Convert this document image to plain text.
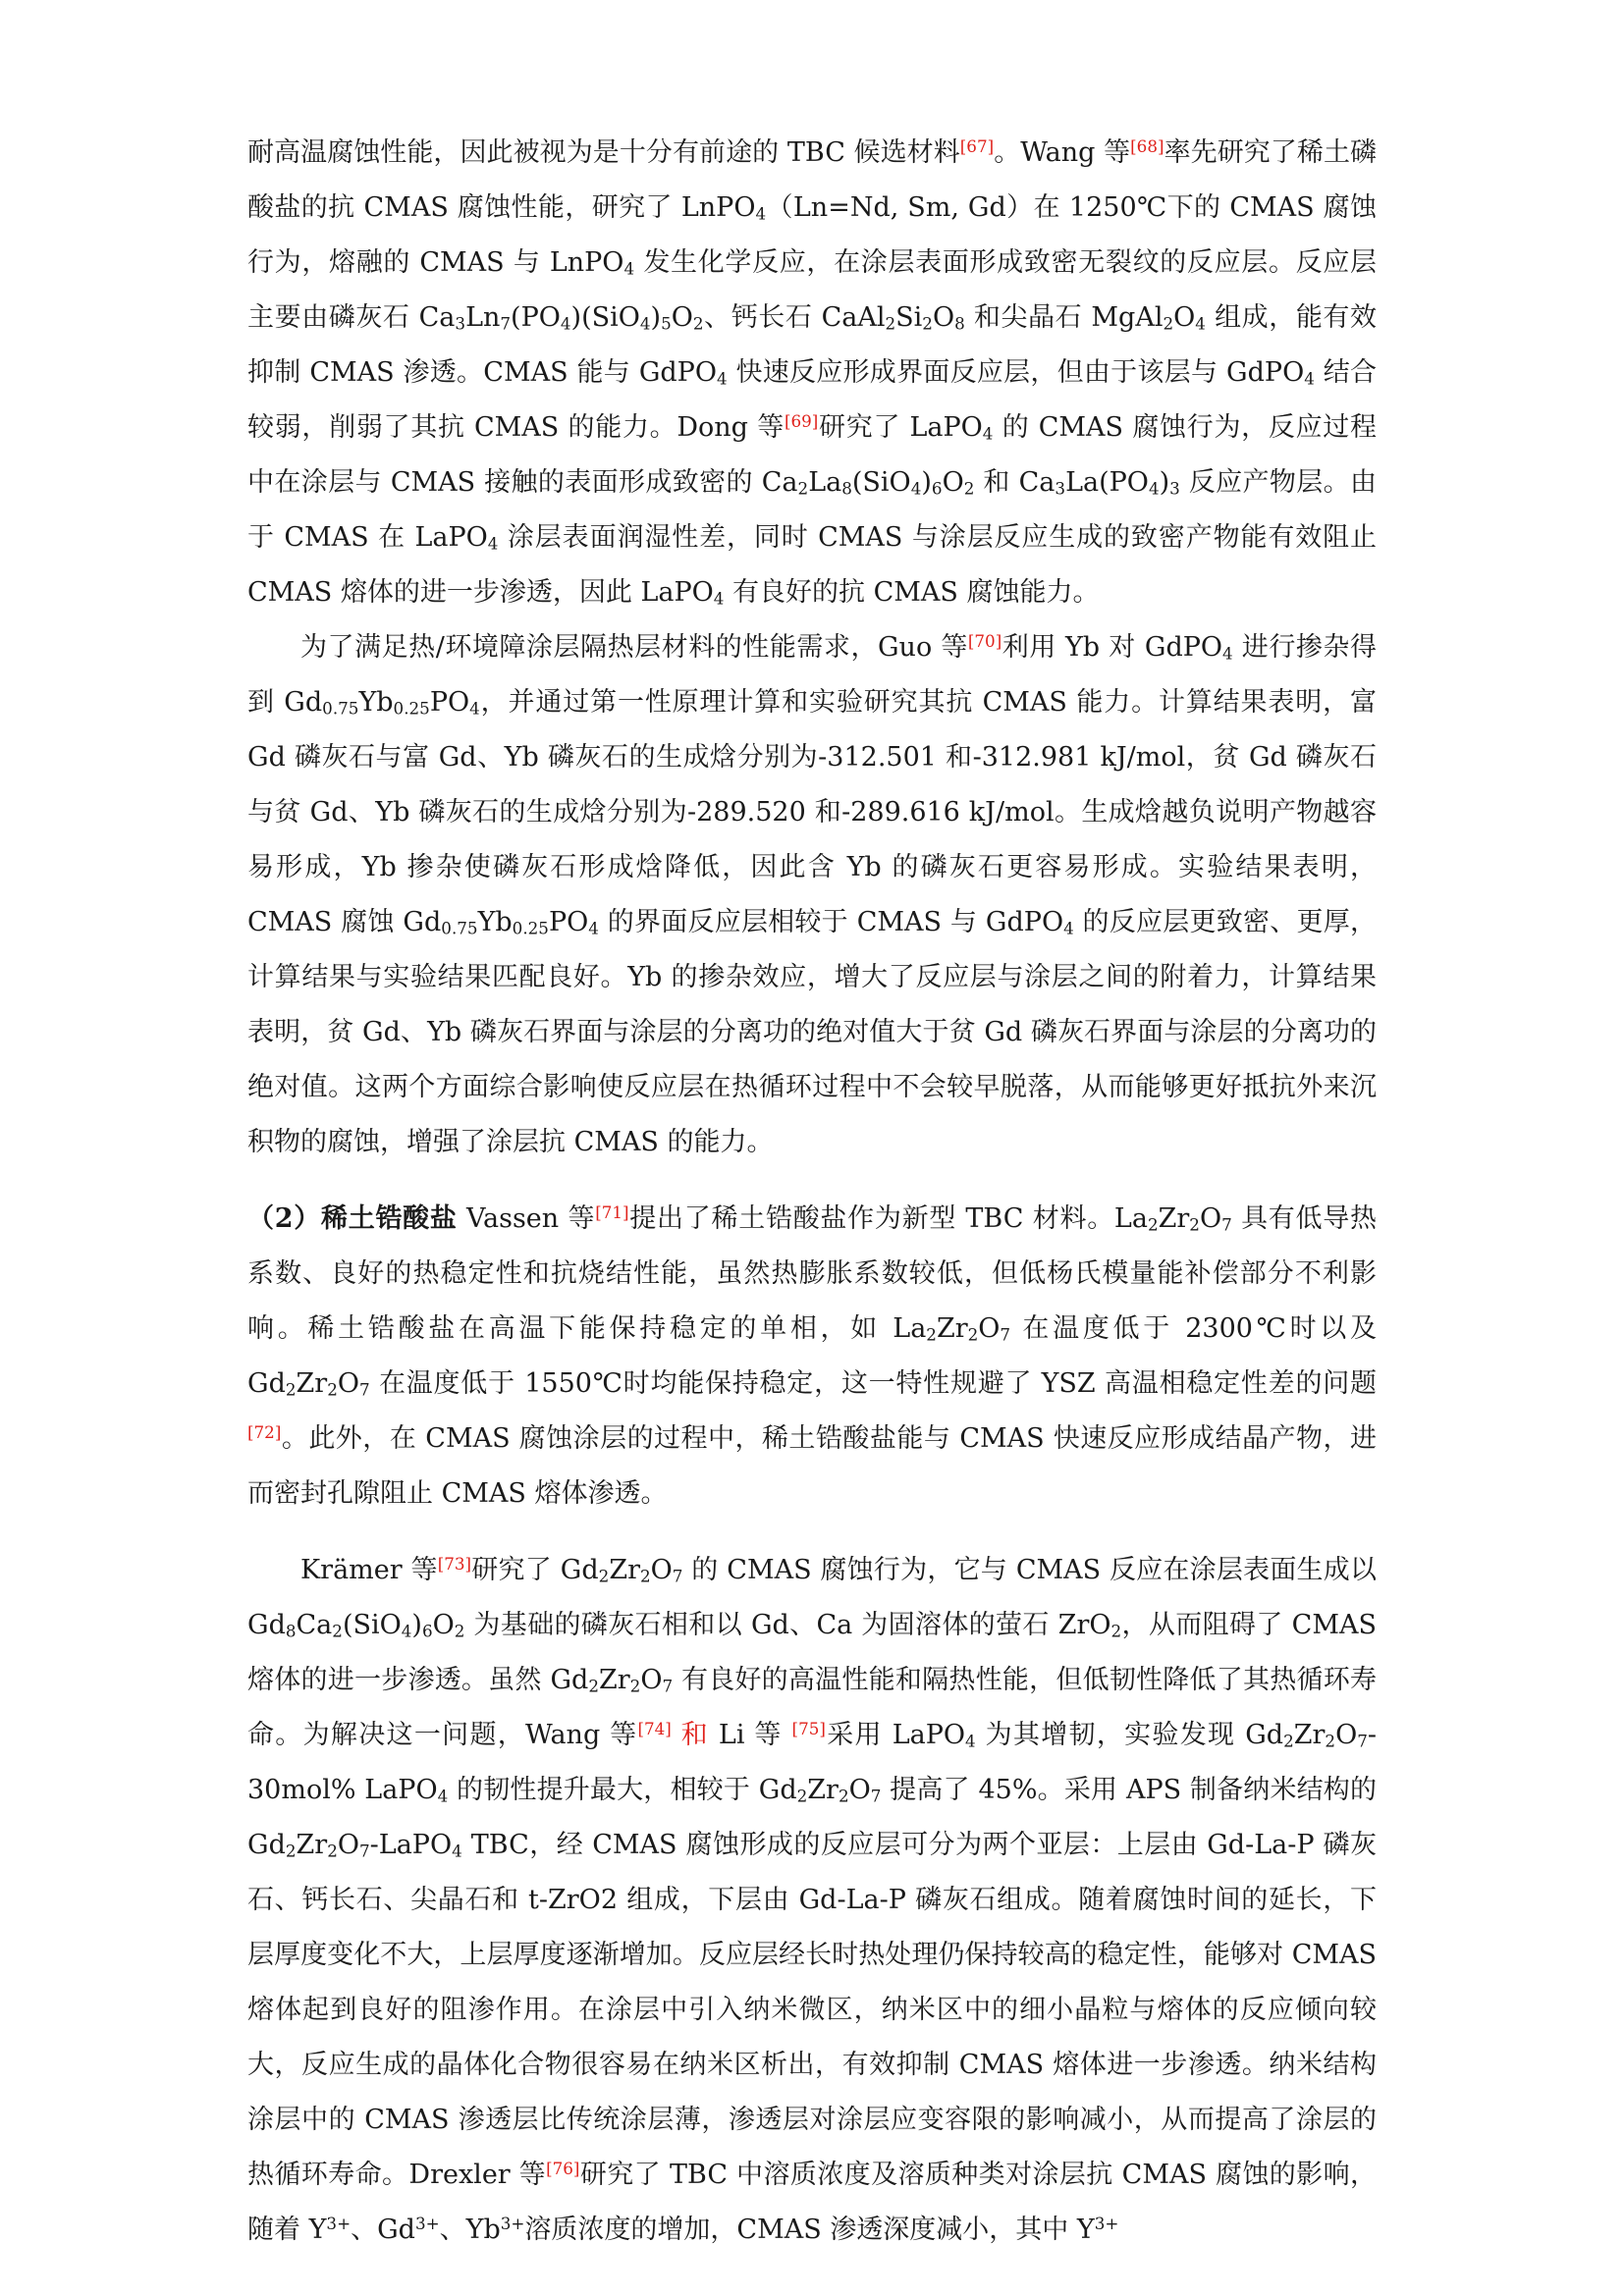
耐高温腐蚀性能，因此被视为是十分有前途的 TBC 候选材料[67]。Wang 等[68]率先研究了稀土磷酸盐的抗 CMAS 腐蚀性能，研究了 LnPO$_4$（Ln=Nd, Sm, Gd）在 1250℃下的 CMAS 腐蚀行为，熔融的 CMAS 与 LnPO$_4$ 发生化学反应，在涂层表面形成致密无裂纹的反应层。反应层主要由磷灰石 $Ca_3Ln_7(PO_4)(SiO_4)_5O_2$、钙长石 $CaAl_2Si_2O_8$ 和尖晶石 $MgAl_2O_4$ 组成，能有效抑制 CMAS 渗透。CMAS 能与 GdPO$_4$ 快速反应形成界面反应层，但由于该层与 GdPO$_4$ 结合较弱，削弱了其抗 CMAS 的能力。Dong 等[69]研究了 LaPO$_4$ 的 CMAS 腐蚀行为，反应过程中在涂层与 CMAS 接触的表面形成致密的 $Ca_2La_8(SiO_4)_6O_2$ 和 $Ca_3La(PO_4)_3$ 反应产物层。由于 CMAS 在 LaPO$_4$ 涂层表面润湿性差，同时 CMAS 与涂层反应生成的致密产物能有效阻止 CMAS 熔体的进一步渗透，因此 LaPO$_4$ 有良好的抗 CMAS 腐蚀能力。

为了满足热/环境障涂层隔热层材料的性能需求，Guo 等[70]利用 Yb 对 GdPO$_4$ 进行掺杂得到 $Gd_{0.75}Yb_{0.25}PO_4$，并通过第一性原理计算和实验研究其抗 CMAS 能力。计算结果表明，富 Gd 磷灰石与富 Gd、Yb 磷灰石的生成焓分别为-312.501 和-312.981 kJ/mol，贫 Gd 磷灰石与贫 Gd、Yb 磷灰石的生成焓分别为-289.520 和-289.616 kJ/mol。生成焓越负说明产物越容易形成，Yb 掺杂使磷灰石形成焓降低，因此含 Yb 的磷灰石更容易形成。实验结果表明，CMAS 腐蚀 $Gd_{0.75}Yb_{0.25}PO_4$ 的界面反应层相较于 CMAS 与 GdPO$_4$ 的反应层更致密、更厚，计算结果与实验结果匹配良好。Yb 的掺杂效应，增大了反应层与涂层之间的附着力，计算结果表明，贫 Gd、Yb 磷灰石界面与涂层的分离功的绝对值大于贫 Gd 磷灰石界面与涂层的分离功的绝对值。这两个方面综合影响使反应层在热循环过程中不会较早脱落，从而能够更好抵抗外来沉积物的腐蚀，增强了涂层抗 CMAS 的能力。

（2）稀土锆酸盐 Vassen 等[71]提出了稀土锆酸盐作为新型 TBC 材料。$La_2Zr_2O_7$ 具有低导热系数、良好的热稳定性和抗烧结性能，虽然热膨胀系数较低，但低杨氏模量能补偿部分不利影响。稀土锆酸盐在高温下能保持稳定的单相，如 $La_2Zr_2O_7$ 在温度低于 2300℃时以及 $Gd_2Zr_2O_7$ 在温度低于 1550℃时均能保持稳定，这一特性规避了 YSZ 高温相稳定性差的问题[72]。此外，在 CMAS 腐蚀涂层的过程中，稀土锆酸盐能与 CMAS 快速反应形成结晶产物，进而密封孔隙阻止 CMAS 熔体渗透。

Krämer 等[73]研究了 $Gd_2Zr_2O_7$ 的 CMAS 腐蚀行为，它与 CMAS 反应在涂层表面生成以 $Gd_8Ca_2(SiO_4)_6O_2$ 为基础的磷灰石相和以 Gd、Ca 为固溶体的萤石 ZrO$_2$，从而阻碍了 CMAS 熔体的进一步渗透。虽然 $Gd_2Zr_2O_7$ 有良好的高温性能和隔热性能，但低韧性降低了其热循环寿命。为解决这一问题，Wang 等[74] 和 Li 等 [75]采用 LaPO$_4$ 为其增韧，实验发现 $Gd_2Zr_2O_7-30mol\%$ LaPO$_4$ 的韧性提升最大，相较于 $Gd_2Zr_2O_7$ 提高了 45%。采用 APS 制备纳米结构的 $Gd_2Zr_2O_7-LaPO_4$ TBC，经 CMAS 腐蚀形成的反应层可分为两个亚层：上层由 Gd-La-P 磷灰石、钙长石、尖晶石和 t-ZrO2 组成，下层由 Gd-La-P 磷灰石组成。随着腐蚀时间的延长，下层厚度变化不大，上层厚度逐渐增加。反应层经长时热处理仍保持较高的稳定性，能够对 CMAS 熔体起到良好的阻渗作用。在涂层中引入纳米微区，纳米区中的细小晶粒与熔体的反应倾向较大，反应生成的晶体化合物很容易在纳米区析出，有效抑制 CMAS 熔体进一步渗透。纳米结构涂层中的 CMAS 渗透层比传统涂层薄，渗透层对涂层应变容限的影响减小，从而提高了涂层的热循环寿命。Drexler 等[76]研究了 TBC 中溶质浓度及溶质种类对涂层抗 CMAS 腐蚀的影响，随着 $Y^{3+}$、$Gd^{3+}$、$Yb^{3+}$溶质浓度的增加，CMAS 渗透深度减小，其中 $Y^{3+}$
